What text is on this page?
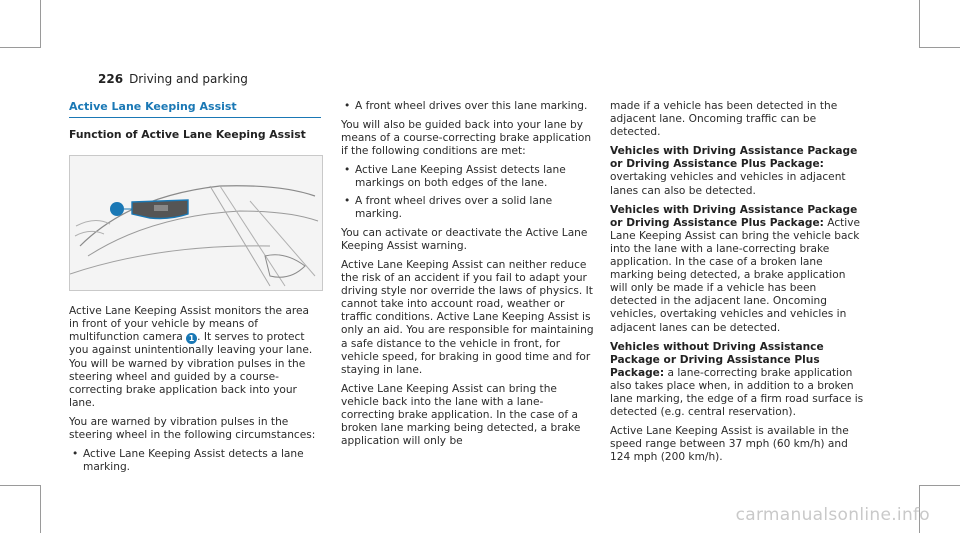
226 Driving and parking
Active Lane Keeping Assist
Function of Active Lane Keeping Assist
1

Active Lane Keeping Assist monitors the area in front of your vehicle by means of multifunction camera 1 . It serves to protect you against unintentionally leaving your lane. You will be warned by vibration pulses in the steering wheel and guided by a course-correcting brake application back into your lane.

You are warned by vibration pulses in the steering wheel in the following circumstances:

• Active Lane Keeping Assist detects a lane marking.
• A front wheel drives over this lane marking.

You will also be guided back into your lane by means of a course-correcting brake application if the following conditions are met:

• Active Lane Keeping Assist detects lane markings on both edges of the lane.
• A front wheel drives over a solid lane marking.

You can activate or deactivate the Active Lane Keeping Assist warning.

Active Lane Keeping Assist can neither reduce the risk of an accident if you fail to adapt your driving style nor override the laws of physics. It cannot take into account road, weather or traffic conditions. Active Lane Keeping Assist is only an aid. You are responsible for maintaining a safe distance to the vehicle in front, for vehicle speed, for braking in good time and for staying in lane.

Active Lane Keeping Assist can bring the vehicle back into the lane with a lane-correcting brake application. In the case of a broken lane marking being detected, a brake application will only be

made if a vehicle has been detected in the adjacent lane. Oncoming traffic can be detected.

Vehicles with Driving Assistance Package or Driving Assistance Plus Package: overtaking vehicles and vehicles in adjacent lanes can also be detected.

Vehicles with Driving Assistance Package or Driving Assistance Plus Package: Active Lane Keeping Assist can bring the vehicle back into the lane with a lane-correcting brake application. In the case of a broken lane marking being detected, a brake application will only be made if a vehicle has been detected in the adjacent lane. Oncoming vehicles, overtaking vehicles and vehicles in adjacent lanes can be detected.

Vehicles without Driving Assistance Package or Driving Assistance Plus Package: a lane-correcting brake application also takes place when, in addition to a broken lane marking, the edge of a firm road surface is detected (e.g. central reservation).

Active Lane Keeping Assist is available in the speed range between 37 mph (60 km/h) and 124 mph (200 km/h).

carmanualsonline.info
